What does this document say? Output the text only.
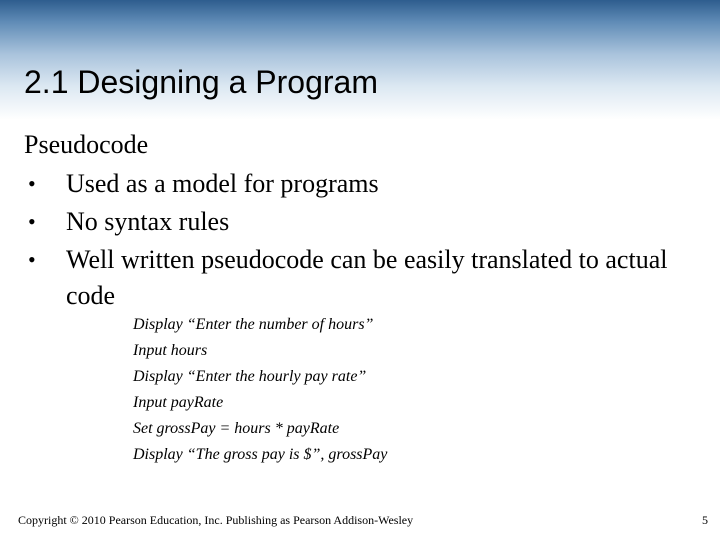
2.1 Designing a Program

Pseudocode

• Used as a model for programs
• No syntax rules
• Well written pseudocode can be easily translated to actual code
Display “Enter the number of hours”
Input hours
Display “Enter the hourly pay rate”
Input payRate
Set grossPay = hours * payRate
Display “The gross pay is $”, grossPay
Copyright © 2010 Pearson Education, Inc. Publishing as Pearson Addison-Wesley	5
